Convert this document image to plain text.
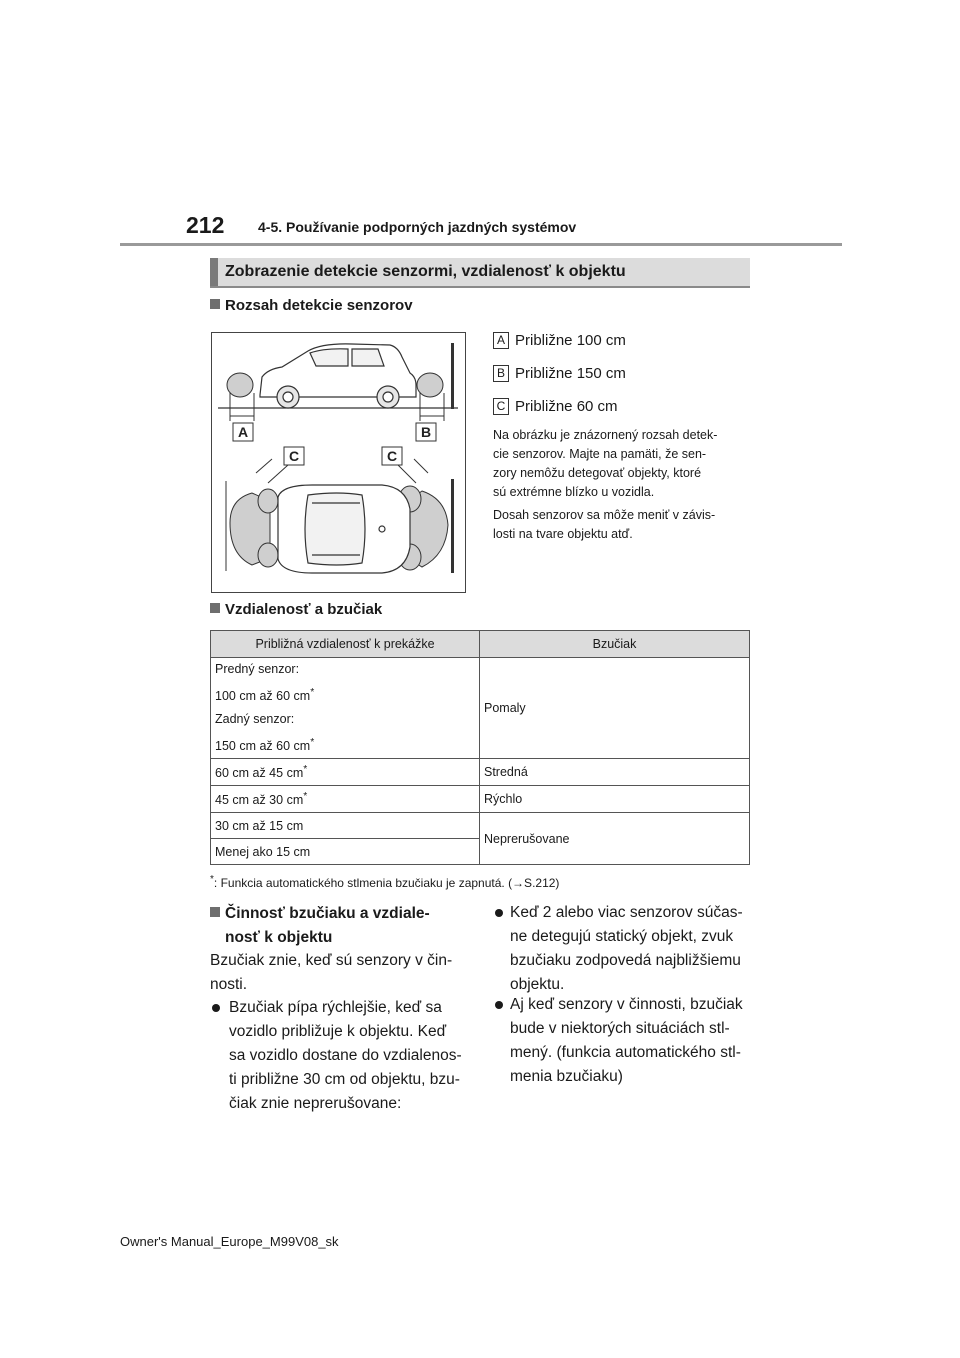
212 4-5. Používanie podporných jazdných systémov
Zobrazenie detekcie senzormi, vzdialenosť k objektu
Rozsah detekcie senzorov
A	B
C	C
A Približne 100 cm
B Približne 150 cm
C Približne 60 cm
Na obrázku je znázornený rozsah detek-
cie senzorov. Majte na pamäti, že sen-
zory nemôžu detegovať objekty, ktoré
sú extrémne blízko u vozidla.
Dosah senzorov sa môže meniť v závis-
losti na tvare objektu atď.
Vzdialenosť a bzučiak
Približná vzdialenosť k prekážke	Bzučiak

Predný senzor:

100 cm až 60 cm*

Zadný senzor:

150 cm až 60 cm*	Pomaly
60 cm až 45 cm*	Stredná
45 cm až 30 cm*	Rýchlo
30 cm až 15 cm	Neprerušovane
Menej ako 15 cm	
*: Funkcia automatického stlmenia bzučiaku je zapnutá. (→S.212)
Činnosť bzučiaku a vzdiale-
nosť k objektu
Bzučiak znie, keď sú senzory v čin-
nosti.
Bzučiak pípa rýchlejšie, keď sa
vozidlo približuje k objektu. Keď
sa vozidlo dostane do vzdialenos-
ti približne 30 cm od objektu, bzu-
čiak znie neprerušovane:
Keď 2 alebo viac senzorov súčas-
ne detegujú statický objekt, zvuk
bzučiaku zodpovedá najbližšiemu
objektu.
Aj keď senzory v činnosti, bzučiak
bude v niektorých situáciách stl-
mený. (funkcia automatického stl-
menia bzučiaku)
Owner's Manual_Europe_M99V08_sk
